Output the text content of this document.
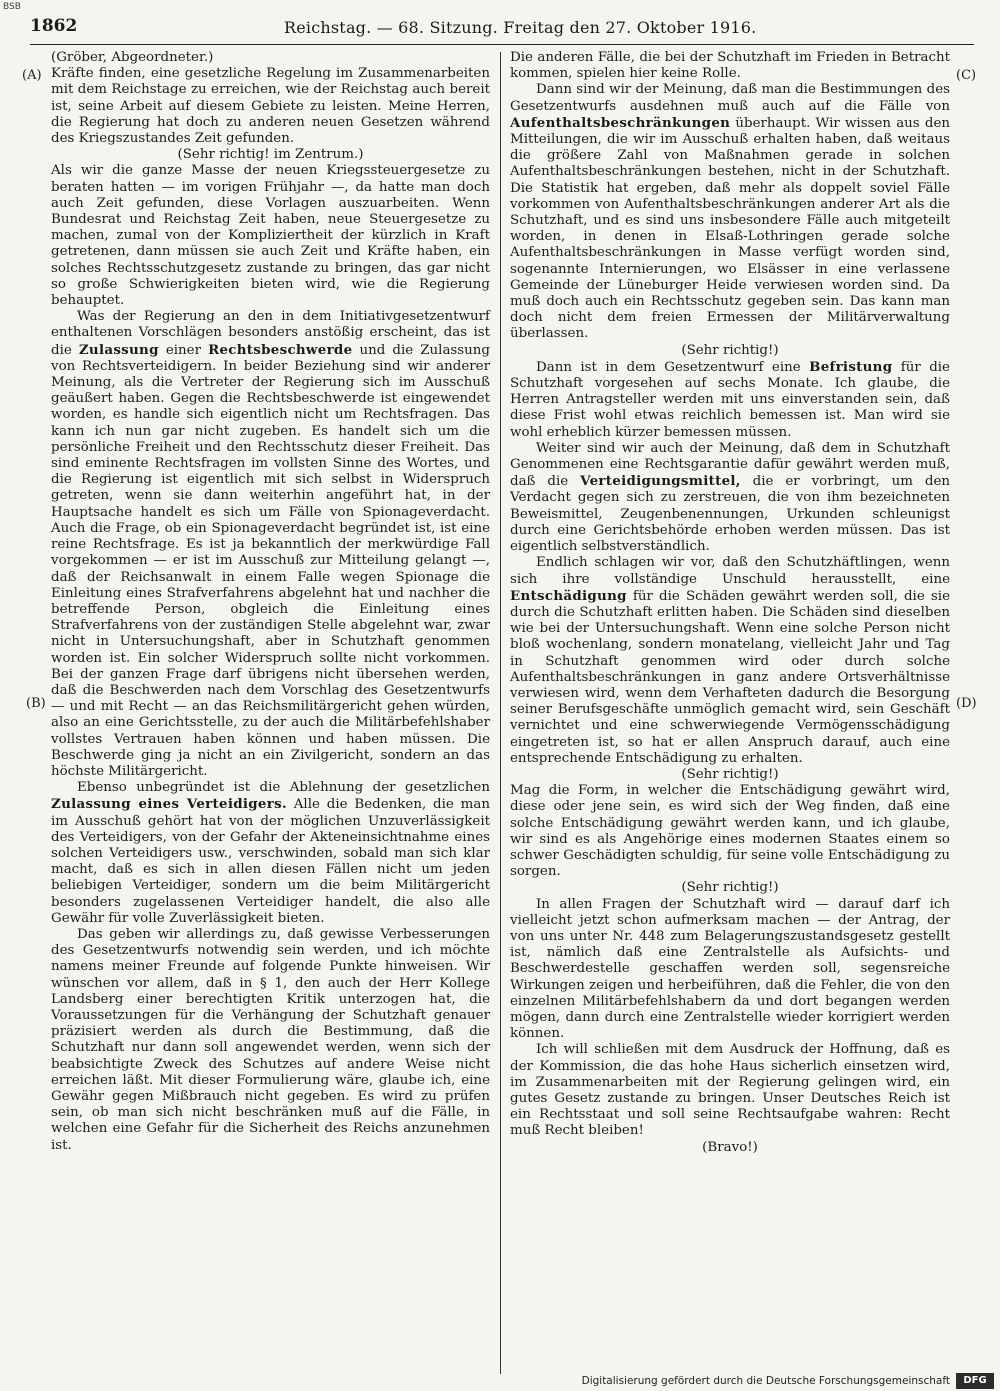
BSB
1862	Reichstag. — 68. Sitzung. Freitag den 27. Oktober 1916.
(A)
(B)
(C)
(D)

(Gröber, Abgeordneter.)

Kräfte finden, eine gesetzliche Regelung im Zusammenarbeiten mit dem Reichstage zu erreichen, wie der Reichstag auch bereit ist, seine Arbeit auf diesem Gebiete zu leisten. Meine Herren, die Regierung hat doch zu anderen neuen Gesetzen während des Kriegszustandes Zeit gefunden.

(Sehr richtig! im Zentrum.)

Als wir die ganze Masse der neuen Kriegssteuergesetze zu beraten hatten — im vorigen Frühjahr —, da hatte man doch auch Zeit gefunden, diese Vorlagen auszuarbeiten. Wenn Bundesrat und Reichstag Zeit haben, neue Steuergesetze zu machen, zumal von der Kompliziertheit der kürzlich in Kraft getretenen, dann müssen sie auch Zeit und Kräfte haben, ein solches Rechtsschutzgesetz zustande zu bringen, das gar nicht so große Schwierigkeiten bieten wird, wie die Regierung behauptet.

Was der Regierung an den in dem Initiativgesetzentwurf enthaltenen Vorschlägen besonders anstößig erscheint, das ist die Zulassung einer Rechtsbeschwerde und die Zulassung von Rechtsverteidigern. In beider Beziehung sind wir anderer Meinung, als die Vertreter der Regierung sich im Ausschuß geäußert haben. Gegen die Rechtsbeschwerde ist eingewendet worden, es handle sich eigentlich nicht um Rechtsfragen. Das kann ich nun gar nicht zugeben. Es handelt sich um die persönliche Freiheit und den Rechtsschutz dieser Freiheit. Das sind eminente Rechtsfragen im vollsten Sinne des Wortes, und die Regierung ist eigentlich mit sich selbst in Widerspruch getreten, wenn sie dann weiterhin angeführt hat, in der Hauptsache handelt es sich um Fälle von Spionageverdacht. Auch die Frage, ob ein Spionageverdacht begründet ist, ist eine reine Rechtsfrage. Es ist ja bekanntlich der merkwürdige Fall vorgekommen — er ist im Ausschuß zur Mitteilung gelangt —, daß der Reichsanwalt in einem Falle wegen Spionage die Einleitung eines Strafverfahrens abgelehnt hat und nachher die betreffende Person, obgleich die Einleitung eines Strafverfahrens von der zuständigen Stelle abgelehnt war, zwar nicht in Untersuchungshaft, aber in Schutzhaft genommen worden ist. Ein solcher Widerspruch sollte nicht vorkommen. Bei der ganzen Frage darf übrigens nicht übersehen werden, daß die Beschwerden nach dem Vorschlag des Gesetzentwurfs — und mit Recht — an das Reichsmilitärgericht gehen würden, also an eine Gerichtsstelle, zu der auch die Militärbefehlshaber vollstes Vertrauen haben können und haben müssen. Die Beschwerde ging ja nicht an ein Zivilgericht, sondern an das höchste Militärgericht.

Ebenso unbegründet ist die Ablehnung der gesetzlichen Zulassung eines Verteidigers. Alle die Bedenken, die man im Ausschuß gehört hat von der möglichen Unzuverlässigkeit des Verteidigers, von der Gefahr der Akteneinsichtnahme eines solchen Verteidigers usw., verschwinden, sobald man sich klar macht, daß es sich in allen diesen Fällen nicht um jeden beliebigen Verteidiger, sondern um die beim Militärgericht besonders zugelassenen Verteidiger handelt, die also alle Gewähr für volle Zuverlässigkeit bieten.

Das geben wir allerdings zu, daß gewisse Verbesserungen des Gesetzentwurfs notwendig sein werden, und ich möchte namens meiner Freunde auf folgende Punkte hinweisen. Wir wünschen vor allem, daß in § 1, den auch der Herr Kollege Landsberg einer berechtigten Kritik unterzogen hat, die Voraussetzungen für die Verhängung der Schutzhaft genauer präzisiert werden als durch die Bestimmung, daß die Schutzhaft nur dann soll angewendet werden, wenn sich der beabsichtigte Zweck des Schutzes auf andere Weise nicht erreichen läßt. Mit dieser Formulierung wäre, glaube ich, eine Gewähr gegen Mißbrauch nicht gegeben. Es wird zu prüfen sein, ob man sich nicht beschränken muß auf die Fälle, in welchen eine Gefahr für die Sicherheit des Reichs anzunehmen ist.

Die anderen Fälle, die bei der Schutzhaft im Frieden in Betracht kommen, spielen hier keine Rolle.

Dann sind wir der Meinung, daß man die Bestimmungen des Gesetzentwurfs ausdehnen muß auch auf die Fälle von Aufenthaltsbeschränkungen überhaupt. Wir wissen aus den Mitteilungen, die wir im Ausschuß erhalten haben, daß weitaus die größere Zahl von Maßnahmen gerade in solchen Aufenthaltsbeschränkungen bestehen, nicht in der Schutzhaft. Die Statistik hat ergeben, daß mehr als doppelt soviel Fälle vorkommen von Aufenthaltsbeschränkungen anderer Art als die Schutzhaft, und es sind uns insbesondere Fälle auch mitgeteilt worden, in denen in Elsaß-Lothringen gerade solche Aufenthaltsbeschränkungen in Masse verfügt worden sind, sogenannte Internierungen, wo Elsässer in eine verlassene Gemeinde der Lüneburger Heide verwiesen worden sind. Da muß doch auch ein Rechtsschutz gegeben sein. Das kann man doch nicht dem freien Ermessen der Militärverwaltung überlassen.

(Sehr richtig!)

Dann ist in dem Gesetzentwurf eine Befristung für die Schutzhaft vorgesehen auf sechs Monate. Ich glaube, die Herren Antragsteller werden mit uns einverstanden sein, daß diese Frist wohl etwas reichlich bemessen ist. Man wird sie wohl erheblich kürzer bemessen müssen.

Weiter sind wir auch der Meinung, daß dem in Schutzhaft Genommenen eine Rechtsgarantie dafür gewährt werden muß, daß die Verteidigungsmittel, die er vorbringt, um den Verdacht gegen sich zu zerstreuen, die von ihm bezeichneten Beweismittel, Zeugenbenennungen, Urkunden schleunigst durch eine Gerichtsbehörde erhoben werden müssen. Das ist eigentlich selbstverständlich.

Endlich schlagen wir vor, daß den Schutzhäftlingen, wenn sich ihre vollständige Unschuld herausstellt, eine Entschädigung für die Schäden gewährt werden soll, die sie durch die Schutzhaft erlitten haben. Die Schäden sind dieselben wie bei der Untersuchungshaft. Wenn eine solche Person nicht bloß wochenlang, sondern monatelang, vielleicht Jahr und Tag in Schutzhaft genommen wird oder durch solche Aufenthaltsbeschränkungen in ganz andere Ortsverhältnisse verwiesen wird, wenn dem Verhafteten dadurch die Besorgung seiner Berufsgeschäfte unmöglich gemacht wird, sein Geschäft vernichtet und eine schwerwiegende Vermögensschädigung eingetreten ist, so hat er allen Anspruch darauf, auch eine entsprechende Entschädigung zu erhalten.

(Sehr richtig!)

Mag die Form, in welcher die Entschädigung gewährt wird, diese oder jene sein, es wird sich der Weg finden, daß eine solche Entschädigung gewährt werden kann, und ich glaube, wir sind es als Angehörige eines modernen Staates einem so schwer Geschädigten schuldig, für seine volle Entschädigung zu sorgen.

(Sehr richtig!)

In allen Fragen der Schutzhaft wird — darauf darf ich vielleicht jetzt schon aufmerksam machen — der Antrag, der von uns unter Nr. 448 zum Belagerungszustandsgesetz gestellt ist, nämlich daß eine Zentralstelle als Aufsichts- und Beschwerdestelle geschaffen werden soll, segensreiche Wirkungen zeigen und herbeiführen, daß die Fehler, die von den einzelnen Militärbefehlshabern da und dort begangen werden mögen, dann durch eine Zentralstelle wieder korrigiert werden können.

Ich will schließen mit dem Ausdruck der Hoffnung, daß es der Kommission, die das hohe Haus sicherlich einsetzen wird, im Zusammenarbeiten mit der Regierung gelingen wird, ein gutes Gesetz zustande zu bringen. Unser Deutsches Reich ist ein Rechtsstaat und soll seine Rechtsaufgabe wahren: Recht muß Recht bleiben!

(Bravo!)

Digitalisierung gefördert durch die Deutsche Forschungsgemeinschaft	DFG
